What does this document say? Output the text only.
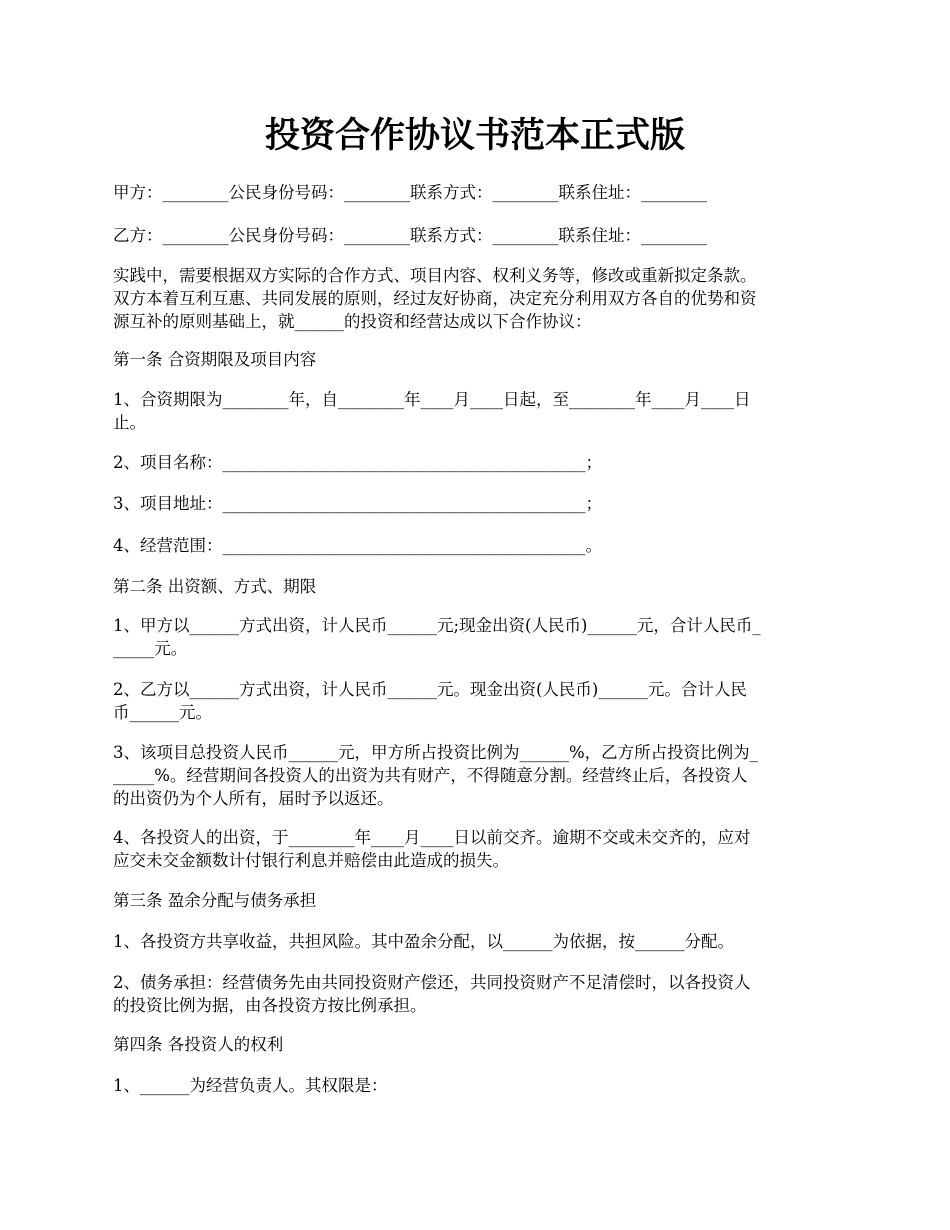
投资合作协议书范本正式版

甲方：________公民身份号码：________联系方式：________联系住址：________

乙方：________公民身份号码：________联系方式：________联系住址：________

实践中，需要根据双方实际的合作方式、项目内容、权利义务等，修改或重新拟定条款。
双方本着互利互惠、共同发展的原则，经过友好协商，决定充分利用双方各自的优势和资
源互补的原则基础上，就______的投资和经营达成以下合作协议：

第一条 合资期限及项目内容

1、合资期限为________年，自________年____月____日起，至________年____月____日
止。

2、项目名称：____________________________________________；

3、项目地址：____________________________________________；

4、经营范围：____________________________________________。

第二条 出资额、方式、期限

1、甲方以______方式出资，计人民币______元;现金出资(人民币)______元，合计人民币_
_____元。

2、乙方以______方式出资，计人民币______元。现金出资(人民币)______元。合计人民
币______元。

3、该项目总投资人民币______元，甲方所占投资比例为______%，乙方所占投资比例为_
_____%。经营期间各投资人的出资为共有财产，不得随意分割。经营终止后，各投资人
的出资仍为个人所有，届时予以返还。

4、各投资人的出资，于________年____月____日以前交齐。逾期不交或未交齐的，应对
应交未交金额数计付银行利息并赔偿由此造成的损失。

第三条 盈余分配与债务承担

1、各投资方共享收益，共担风险。其中盈余分配，以______为依据，按______分配。

2、债务承担：经营债务先由共同投资财产偿还，共同投资财产不足清偿时，以各投资人
的投资比例为据，由各投资方按比例承担。

第四条 各投资人的权利

1、______为经营负责人。其权限是：
